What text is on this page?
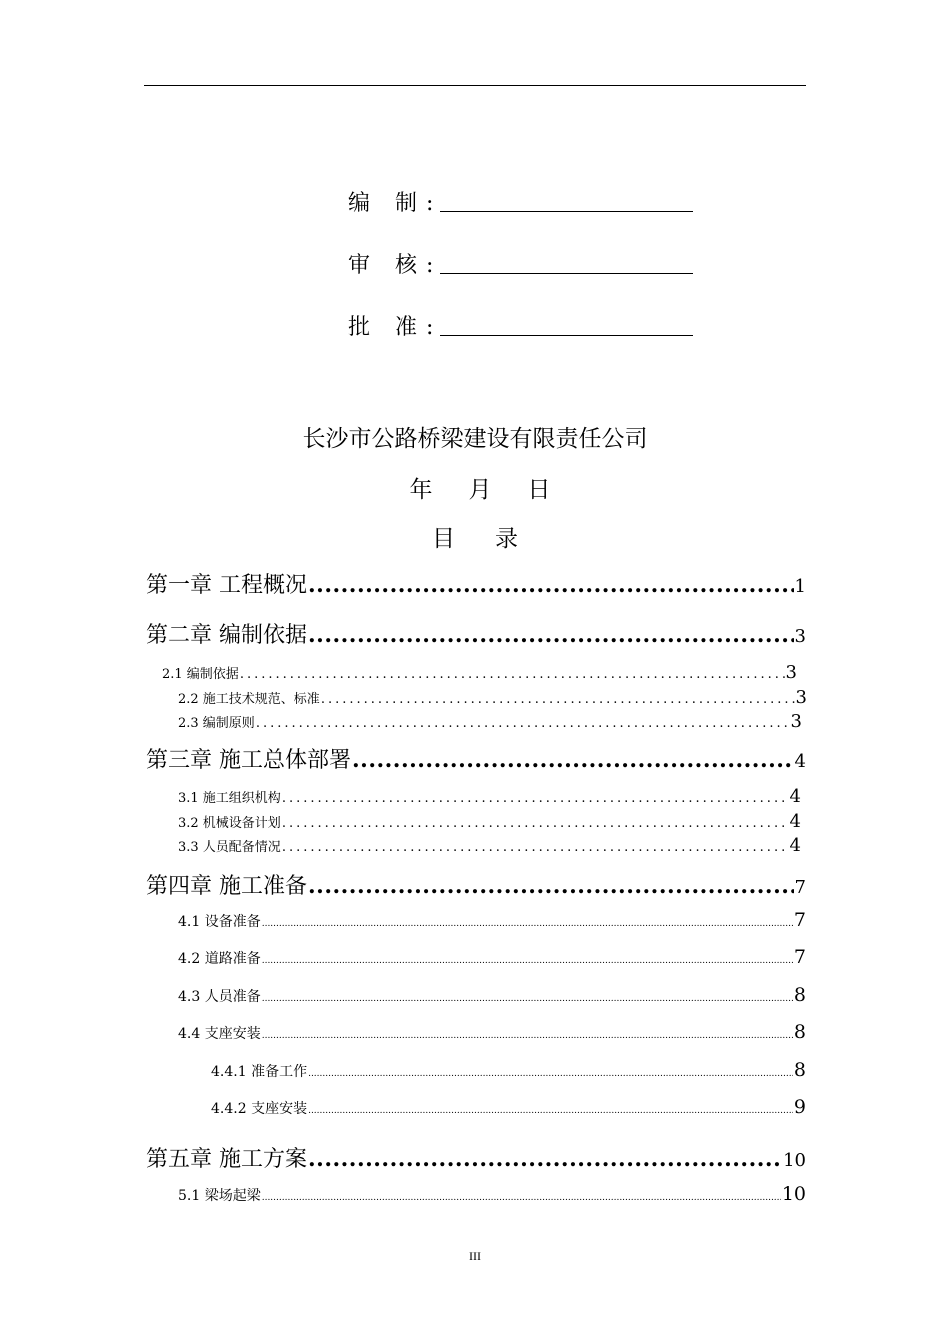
编 制:
审 核:
批 准:
长沙市公路桥梁建设有限责任公司
年 月 日
目 录
第一章 工程概况 .....	1
第二章 编制依据 .....	3
2.1 编制依据 .....	3
2.2 施工技术规范、标准 .....	3
2.3 编制原则 .....	3
第三章 施工总体部署 .....	4
3.1 施工组织机构 .....	4
3.2 机械设备计划 .....	4
3.3 人员配备情况 .....	4
第四章 施工准备 .....	7
4.1 设备准备 .....	7
4.2 道路准备 .....	7
4.3 人员准备 .....	8
4.4 支座安装 .....	8
4.4.1 准备工作 .....	8
4.4.2 支座安装 .....	9
第五章 施工方案 .....	10
5.1 梁场起梁 .....	10
III
